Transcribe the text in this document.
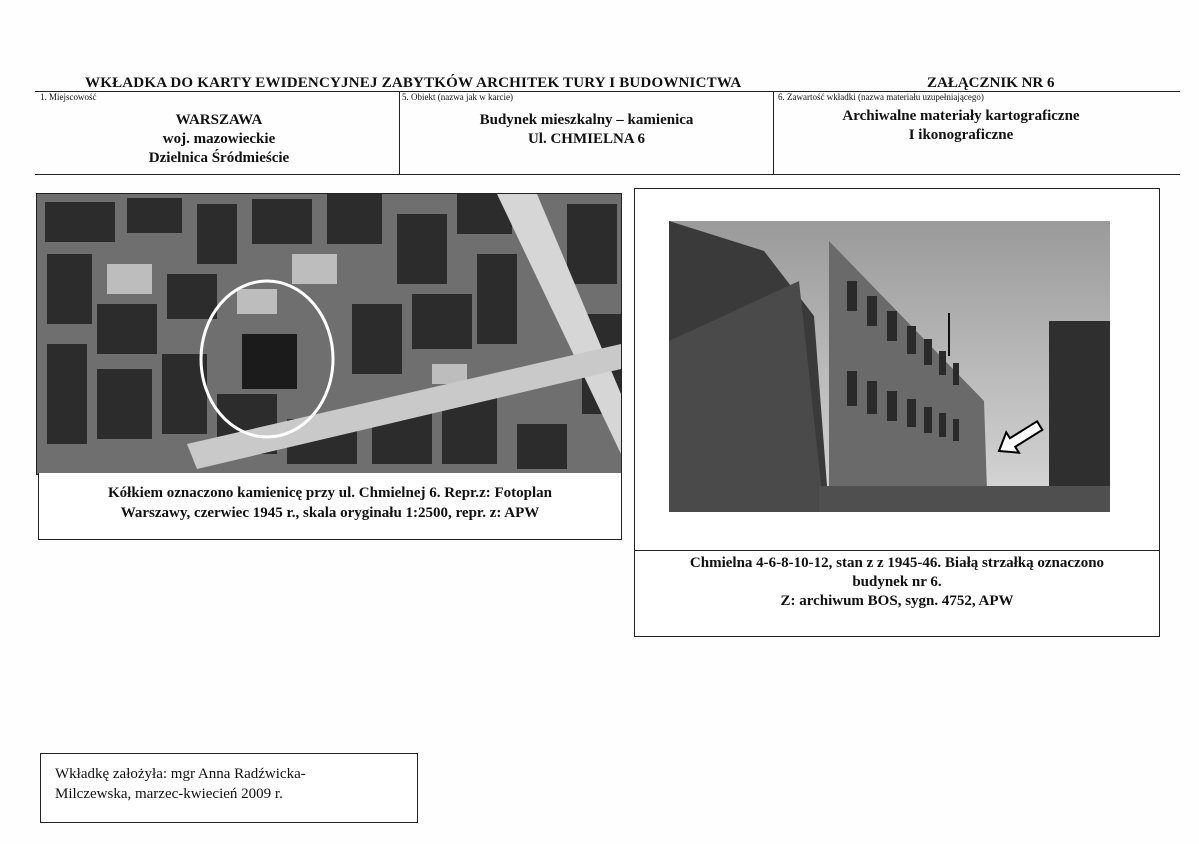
WKŁADKA DO KARTY EWIDENCYJNEJ ZABYTKÓW ARCHITEK TURY I BUDOWNICTWA	ZAŁĄCZNIK NR 6
1. Miejscowość
WARSZAWA
woj. mazowieckie
Dzielnica Śródmieście
5. Obiekt (nazwa jak w karcie)
Budynek mieszkalny – kamienica
Ul. CHMIELNA 6
6. Zawartość wkładki (nazwa materiału uzupełniającego)
Archiwalne materiały kartograficzne
I ikonograficzne
Kółkiem oznaczono kamienicę przy ul. Chmielnej 6. Repr.z: Fotoplan
Warszawy, czerwiec 1945 r., skala oryginału 1:2500, repr. z: APW
Chmielna 4-6-8-10-12, stan z z 1945-46. Białą strzałką oznaczono
budynek nr 6.
Z: archiwum BOS, sygn. 4752, APW
Wkładkę założyła: mgr Anna Radźwicka-
Milczewska, marzec-kwiecień 2009 r.
